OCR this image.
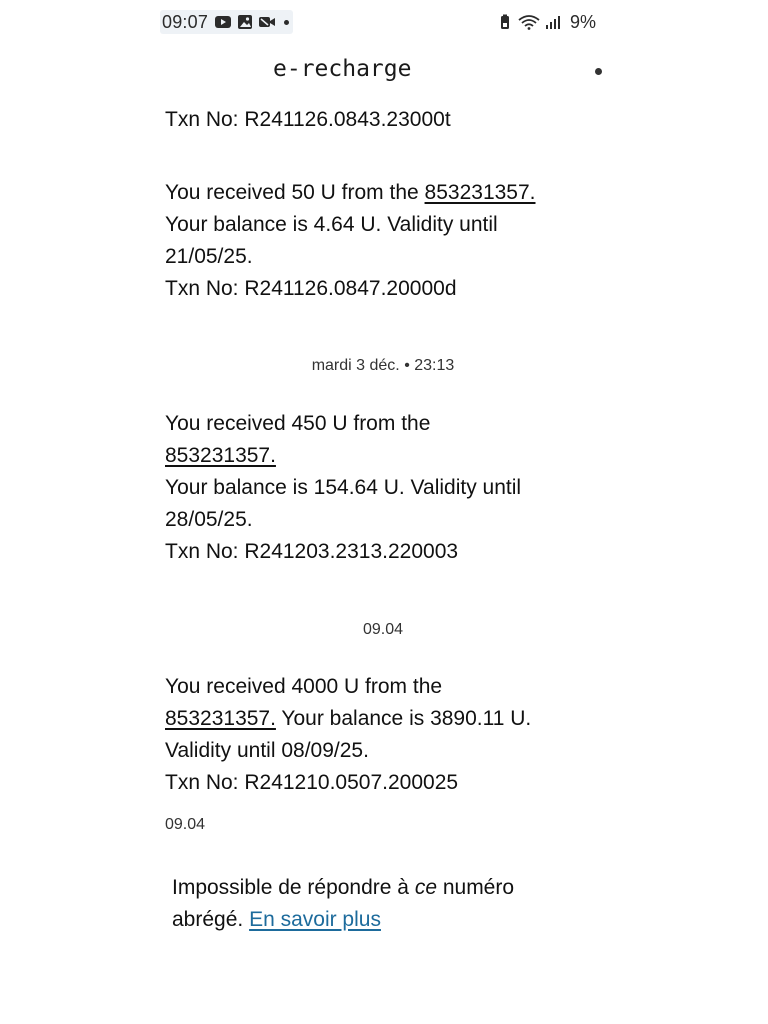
09:07	9%
e-recharge

Txn No: R241126.0843.23000t

You received 50 U from the 853231357.

Your balance is 4.64 U. Validity until 21/05/25.

Txn No: R241126.0847.20000d

mardi 3 déc. • 23:13

You received 450 U from the
853231357.

Your balance is 154.64 U. Validity until 28/05/25.

Txn No: R241203.2313.220003

09.04

You received 4000 U from the
853231357. Your balance is 3890.11 U. Validity until 08/09/25.

Txn No: R241210.0507.200025

09.04
Impossible de répondre à ce numéro abrégé. En savoir plus
